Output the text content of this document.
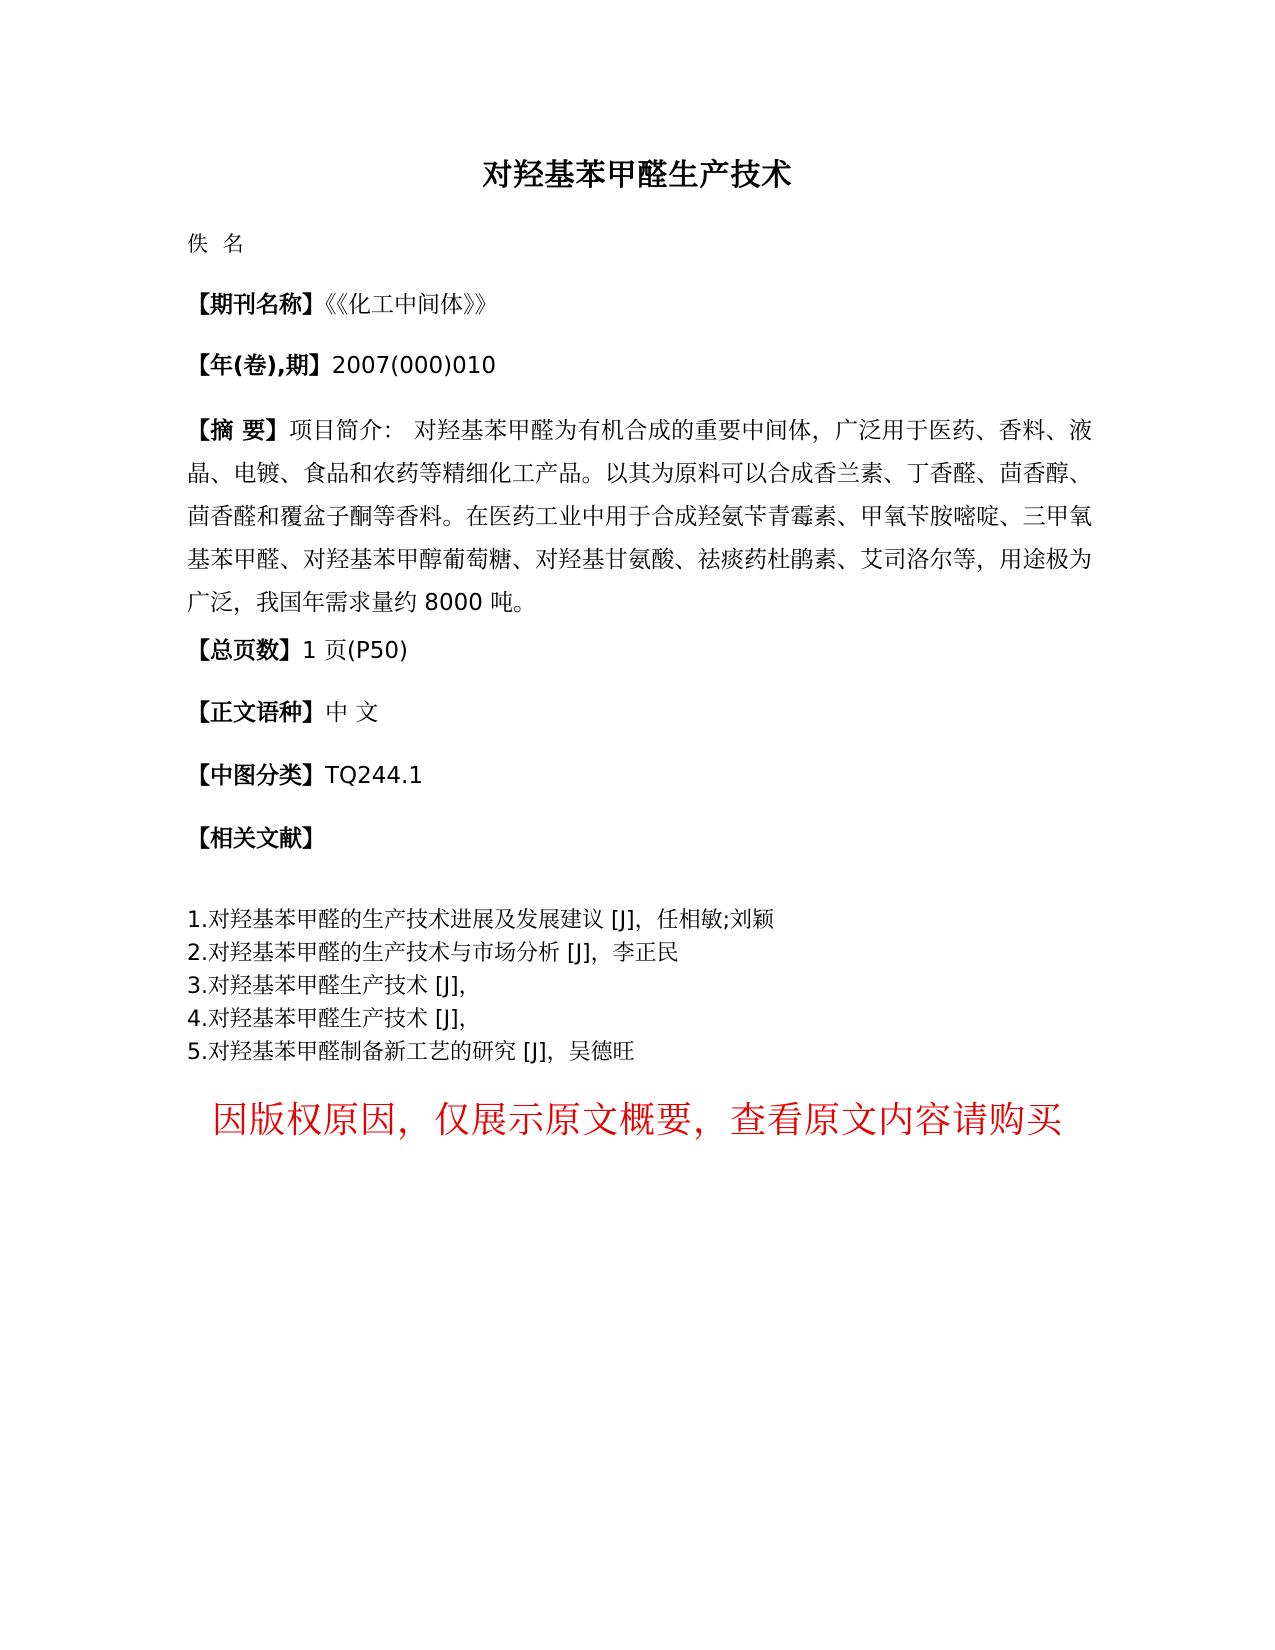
对羟基苯甲醛生产技术
佚 名
【期刊名称】《《化工中间体》》
【年(卷),期】2007(000)010
【摘 要】项目简介： 对羟基苯甲醛为有机合成的重要中间体，广泛用于医药、香料、液晶、电镀、食品和农药等精细化工产品。以其为原料可以合成香兰素、丁香醛、茴香醇、茴香醛和覆盆子酮等香料。在医药工业中用于合成羟氨苄青霉素、甲氧苄胺嘧啶、三甲氧基苯甲醛、对羟基苯甲醇葡萄糖、对羟基甘氨酸、祛痰药杜鹃素、艾司洛尔等，用途极为广泛，我国年需求量约 8000 吨。
【总页数】1 页(P50)
【正文语种】中 文
【中图分类】TQ244.1
【相关文献】
1.对羟基苯甲醛的生产技术进展及发展建议 [J]，任相敏;刘颖
2.对羟基苯甲醛的生产技术与市场分析 [J]，李正民
3.对羟基苯甲醛生产技术 [J]，
4.对羟基苯甲醛生产技术 [J]，
5.对羟基苯甲醛制备新工艺的研究 [J]，吴德旺
因版权原因，仅展示原文概要，查看原文内容请购买
